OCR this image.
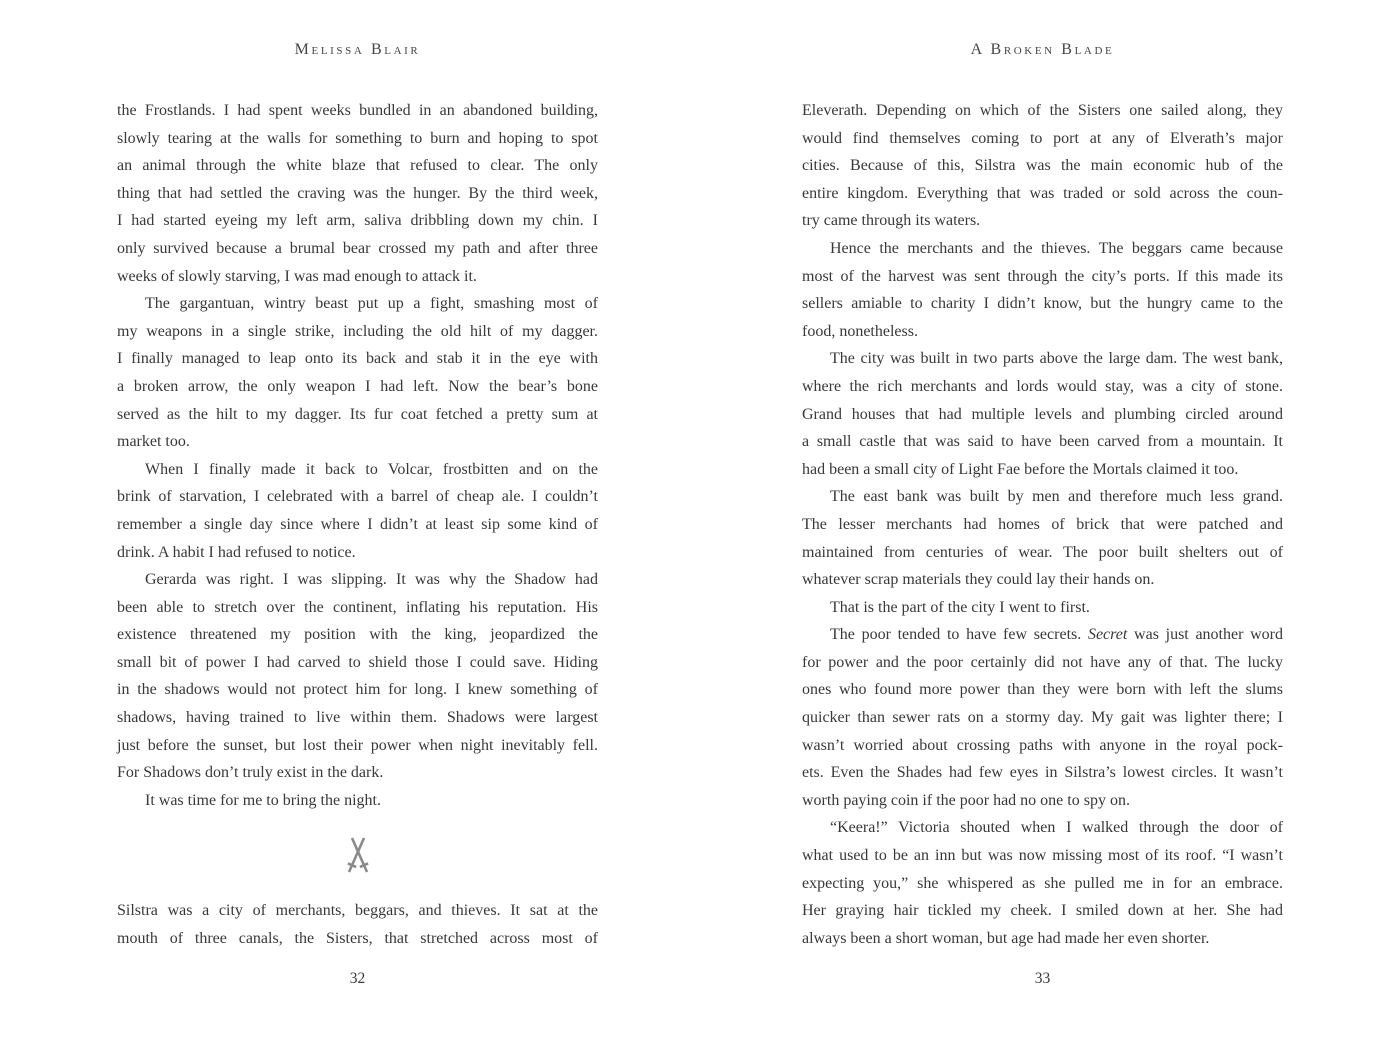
Melissa Blair
the Frostlands. I had spent weeks bundled in an abandoned building,
slowly tearing at the walls for something to burn and hoping to spot
an animal through the white blaze that refused to clear. The only
thing that had settled the craving was the hunger. By the third week,
I had started eyeing my left arm, saliva dribbling down my chin. I
only survived because a brumal bear crossed my path and after three
weeks of slowly starving, I was mad enough to attack it.
The gargantuan, wintry beast put up a fight, smashing most of
my weapons in a single strike, including the old hilt of my dagger.
I finally managed to leap onto its back and stab it in the eye with
a broken arrow, the only weapon I had left. Now the bear’s bone
served as the hilt to my dagger. Its fur coat fetched a pretty sum at
market too.
When I finally made it back to Volcar, frostbitten and on the
brink of starvation, I celebrated with a barrel of cheap ale. I couldn’t
remember a single day since where I didn’t at least sip some kind of
drink. A habit I had refused to notice.
Gerarda was right. I was slipping. It was why the Shadow had
been able to stretch over the continent, inflating his reputation. His
existence threatened my position with the king, jeopardized the
small bit of power I had carved to shield those I could save. Hiding
in the shadows would not protect him for long. I knew something of
shadows, having trained to live within them. Shadows were largest
just before the sunset, but lost their power when night inevitably fell.
For Shadows don’t truly exist in the dark.
It was time for me to bring the night.
Silstra was a city of merchants, beggars, and thieves. It sat at the
mouth of three canals, the Sisters, that stretched across most of
32
A Broken Blade
Eleverath. Depending on which of the Sisters one sailed along, they
would find themselves coming to port at any of Elverath’s major
cities. Because of this, Silstra was the main economic hub of the
entire kingdom. Everything that was traded or sold across the coun-
try came through its waters.
Hence the merchants and the thieves. The beggars came because
most of the harvest was sent through the city’s ports. If this made its
sellers amiable to charity I didn’t know, but the hungry came to the
food, nonetheless.
The city was built in two parts above the large dam. The west bank,
where the rich merchants and lords would stay, was a city of stone.
Grand houses that had multiple levels and plumbing circled around
a small castle that was said to have been carved from a mountain. It
had been a small city of Light Fae before the Mortals claimed it too.
The east bank was built by men and therefore much less grand.
The lesser merchants had homes of brick that were patched and
maintained from centuries of wear. The poor built shelters out of
whatever scrap materials they could lay their hands on.
That is the part of the city I went to first.
The poor tended to have few secrets. Secret was just another word
for power and the poor certainly did not have any of that. The lucky
ones who found more power than they were born with left the slums
quicker than sewer rats on a stormy day. My gait was lighter there; I
wasn’t worried about crossing paths with anyone in the royal pock-
ets. Even the Shades had few eyes in Silstra’s lowest circles. It wasn’t
worth paying coin if the poor had no one to spy on.
“Keera!” Victoria shouted when I walked through the door of
what used to be an inn but was now missing most of its roof. “I wasn’t
expecting you,” she whispered as she pulled me in for an embrace.
Her graying hair tickled my cheek. I smiled down at her. She had
always been a short woman, but age had made her even shorter.
33
